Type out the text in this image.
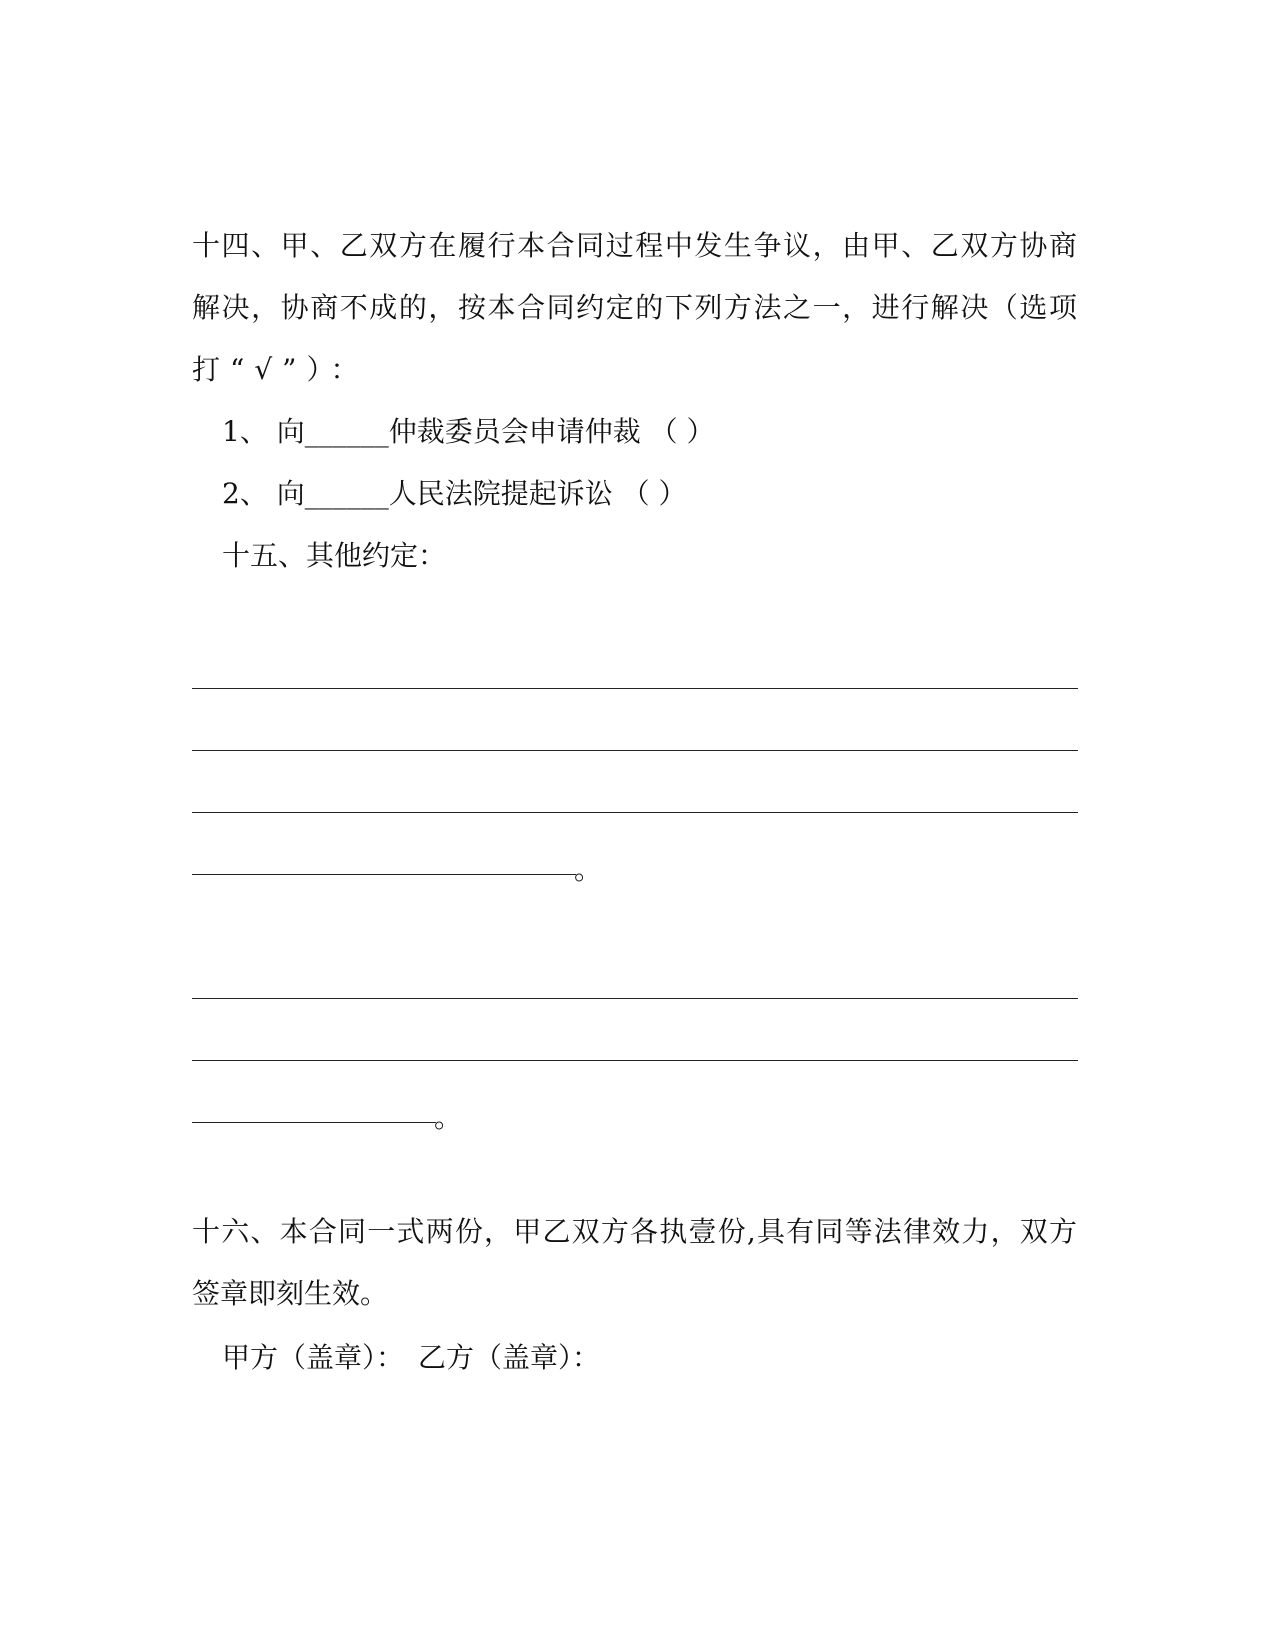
十四、甲、乙双方在履行本合同过程中发生争议，由甲、乙双方协商
解决，协商不成的，按本合同约定的下列方法之一，进行解决（选项
打“√”）：
1、 向______仲裁委员会申请仲裁 （ ）
2、 向______人民法院提起诉讼 （ ）
十五、其他约定：
。
。
十六、本合同一式两份，甲乙双方各执壹份,具有同等法律效力，双方
签章即刻生效。
甲方（盖章）：　乙方（盖章）：
